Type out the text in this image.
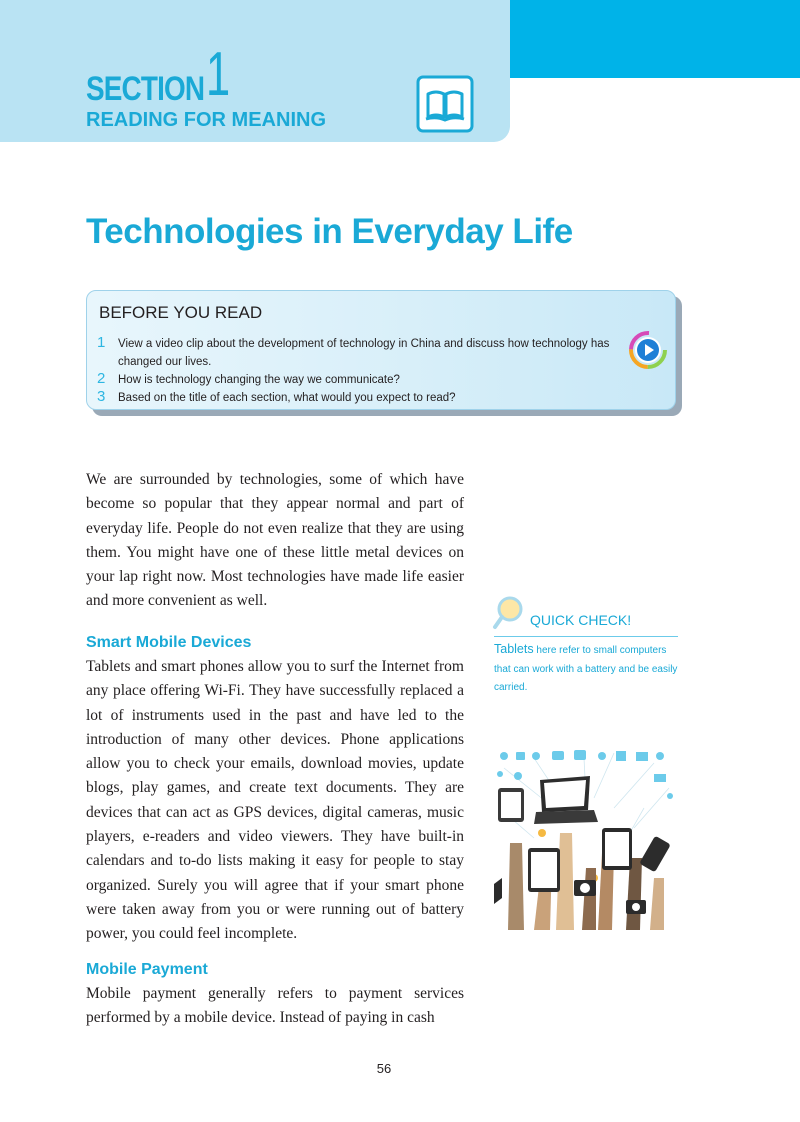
SECTION 1
READING FOR MEANING
Technologies in Everyday Life
BEFORE YOU READ
1	View a video clip about the development of technology in China and discuss how technology has changed our lives.
2	How is technology changing the way we communicate?
3	Based on the title of each section, what would you expect to read?

We are surrounded by technologies, some of which have become so popular that they appear normal and part of everyday life. People do not even realize that they are using them. You might have one of these little metal devices on your lap right now. Most technologies have made life easier and more convenient as well.

Smart Mobile Devices

Tablets and smart phones allow you to surf the Internet from any place offering Wi-Fi. They have successfully replaced a lot of instruments used in the past and have led to the introduction of many other devices. Phone applications allow you to check your emails, download movies, update blogs, play games, and create text documents. They are devices that can act as GPS devices, digital cameras, music players, e-readers and video viewers. They have built-in calendars and to-do lists making it easy for people to stay organized. Surely you will agree that if your smart phone were taken away from you or were running out of battery power, you could feel incomplete.

Mobile Payment

Mobile payment generally refers to payment services performed by a mobile device. Instead of paying in cash

QUICK CHECK!

Tablets here refer to small computers that can work with a battery and be easily carried.

56
